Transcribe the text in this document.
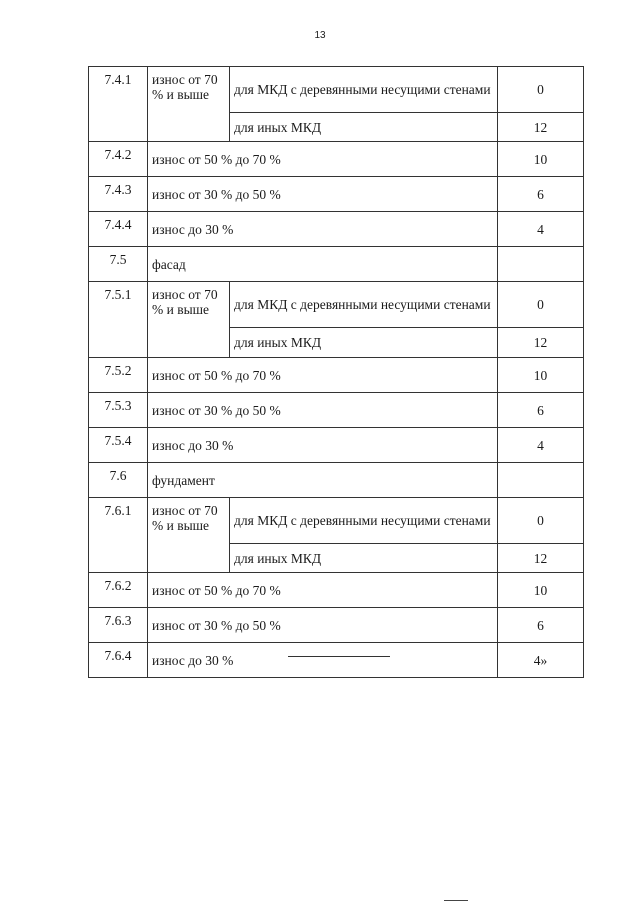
13
7.4.1	износ от 70 % и выше	для МКД с деревянными несущими стенами	0
		для иных МКД	12
7.4.2	износ от 50 % до 70 %		10
7.4.3	износ от 30 % до 50 %		6
7.4.4	износ до 30 %		4
7.5	фасад		
7.5.1	износ от 70 % и выше	для МКД с деревянными несущими стенами	0
		для иных МКД	12
7.5.2	износ от 50 % до 70 %		10
7.5.3	износ от 30 % до 50 %		6
7.5.4	износ до 30 %		4
7.6	фундамент		
7.6.1	износ от 70 % и выше	для МКД с деревянными несущими стенами	0
		для иных МКД	12
7.6.2	износ от 50 % до 70 %		10
7.6.3	износ от 30 % до 50 %		6
7.6.4	износ до 30 %		4»
